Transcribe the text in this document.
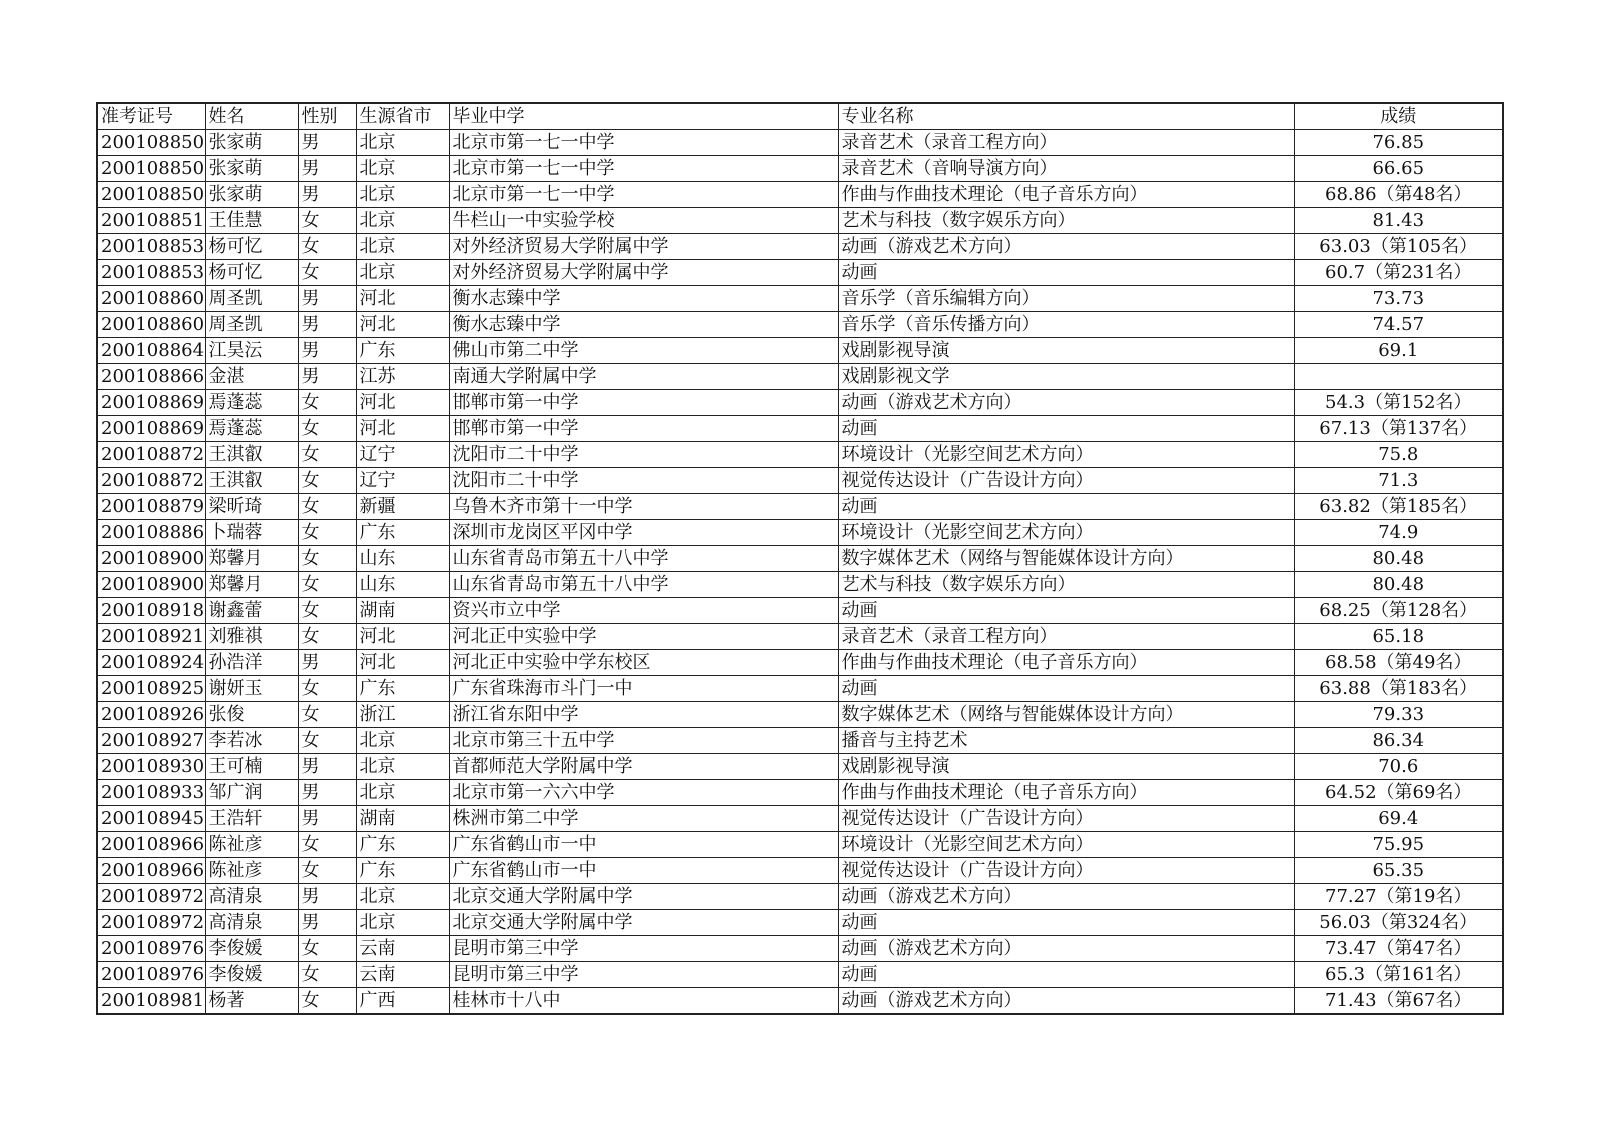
准考证号	姓名	性别	生源省市	毕业中学	专业名称	成绩
200108850	张家萌	男	北京	北京市第一七一中学	录音艺术（录音工程方向）	76.85
200108850	张家萌	男	北京	北京市第一七一中学	录音艺术（音响导演方向）	66.65
200108850	张家萌	男	北京	北京市第一七一中学	作曲与作曲技术理论（电子音乐方向）	68.86（第48名）
200108851	王佳慧	女	北京	牛栏山一中实验学校	艺术与科技（数字娱乐方向）	81.43
200108853	杨可忆	女	北京	对外经济贸易大学附属中学	动画（游戏艺术方向）	63.03（第105名）
200108853	杨可忆	女	北京	对外经济贸易大学附属中学	动画	60.7（第231名）
200108860	周圣凯	男	河北	衡水志臻中学	音乐学（音乐编辑方向）	73.73
200108860	周圣凯	男	河北	衡水志臻中学	音乐学（音乐传播方向）	74.57
200108864	江昊沄	男	广东	佛山市第二中学	戏剧影视导演	69.1
200108866	金湛	男	江苏	南通大学附属中学	戏剧影视文学	
200108869	焉蓬蕊	女	河北	邯郸市第一中学	动画（游戏艺术方向）	54.3（第152名）
200108869	焉蓬蕊	女	河北	邯郸市第一中学	动画	67.13（第137名）
200108872	王淇叡	女	辽宁	沈阳市二十中学	环境设计（光影空间艺术方向）	75.8
200108872	王淇叡	女	辽宁	沈阳市二十中学	视觉传达设计（广告设计方向）	71.3
200108879	梁昕琦	女	新疆	乌鲁木齐市第十一中学	动画	63.82（第185名）
200108886	卜瑞蓉	女	广东	深圳市龙岗区平冈中学	环境设计（光影空间艺术方向）	74.9
200108900	郑馨月	女	山东	山东省青岛市第五十八中学	数字媒体艺术（网络与智能媒体设计方向）	80.48
200108900	郑馨月	女	山东	山东省青岛市第五十八中学	艺术与科技（数字娱乐方向）	80.48
200108918	谢鑫蕾	女	湖南	资兴市立中学	动画	68.25（第128名）
200108921	刘雅祺	女	河北	河北正中实验中学	录音艺术（录音工程方向）	65.18
200108924	孙浩洋	男	河北	河北正中实验中学东校区	作曲与作曲技术理论（电子音乐方向）	68.58（第49名）
200108925	谢妍玉	女	广东	广东省珠海市斗门一中	动画	63.88（第183名）
200108926	张俊	女	浙江	浙江省东阳中学	数字媒体艺术（网络与智能媒体设计方向）	79.33
200108927	李若冰	女	北京	北京市第三十五中学	播音与主持艺术	86.34
200108930	王可楠	男	北京	首都师范大学附属中学	戏剧影视导演	70.6
200108933	邹广润	男	北京	北京市第一六六中学	作曲与作曲技术理论（电子音乐方向）	64.52（第69名）
200108945	王浩轩	男	湖南	株洲市第二中学	视觉传达设计（广告设计方向）	69.4
200108966	陈祉彦	女	广东	广东省鹤山市一中	环境设计（光影空间艺术方向）	75.95
200108966	陈祉彦	女	广东	广东省鹤山市一中	视觉传达设计（广告设计方向）	65.35
200108972	高清泉	男	北京	北京交通大学附属中学	动画（游戏艺术方向）	77.27（第19名）
200108972	高清泉	男	北京	北京交通大学附属中学	动画	56.03（第324名）
200108976	李俊媛	女	云南	昆明市第三中学	动画（游戏艺术方向）	73.47（第47名）
200108976	李俊媛	女	云南	昆明市第三中学	动画	65.3（第161名）
200108981	杨著	女	广西	桂林市十八中	动画（游戏艺术方向）	71.43（第67名）
